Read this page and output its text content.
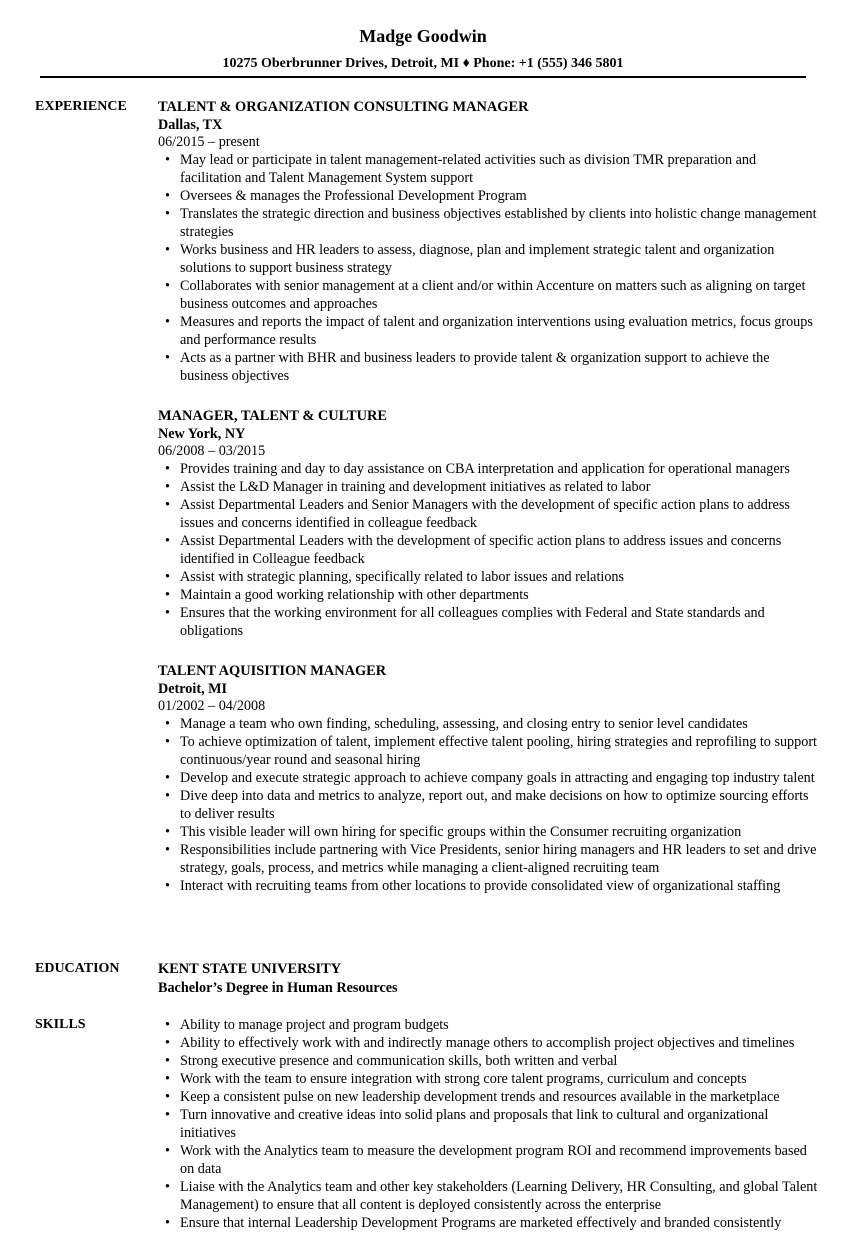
Madge Goodwin
10275 Oberbrunner Drives, Detroit, MI ♦ Phone: +1 (555) 346 5801
EXPERIENCE TALENT & ORGANIZATION CONSULTING MANAGER
Dallas, TX
06/2015 – present
• May lead or participate in talent management-related activities such as division TMR preparation and facilitation and Talent Management System support
• Oversees & manages the Professional Development Program
• Translates the strategic direction and business objectives established by clients into holistic change management strategies
• Works business and HR leaders to assess, diagnose, plan and implement strategic talent and organization solutions to support business strategy
• Collaborates with senior management at a client and/or within Accenture on matters such as aligning on target business outcomes and approaches
• Measures and reports the impact of talent and organization interventions using evaluation metrics, focus groups and performance results
• Acts as a partner with BHR and business leaders to provide talent & organization support to achieve the business objectives
MANAGER, TALENT & CULTURE
New York, NY
06/2008 – 03/2015
• Provides training and day to day assistance on CBA interpretation and application for operational managers
• Assist the L&D Manager in training and development initiatives as related to labor
• Assist Departmental Leaders and Senior Managers with the development of specific action plans to address issues and concerns identified in colleague feedback
• Assist Departmental Leaders with the development of specific action plans to address issues and concerns identified in Colleague feedback
• Assist with strategic planning, specifically related to labor issues and relations
• Maintain a good working relationship with other departments
• Ensures that the working environment for all colleagues complies with Federal and State standards and obligations
TALENT AQUISITION MANAGER
Detroit, MI
01/2002 – 04/2008
• Manage a team who own finding, scheduling, assessing, and closing entry to senior level candidates
• To achieve optimization of talent, implement effective talent pooling, hiring strategies and reprofiling to support continuous/year round and seasonal hiring
• Develop and execute strategic approach to achieve company goals in attracting and engaging top industry talent
• Dive deep into data and metrics to analyze, report out, and make decisions on how to optimize sourcing efforts to deliver results
• This visible leader will own hiring for specific groups within the Consumer recruiting organization
• Responsibilities include partnering with Vice Presidents, senior hiring managers and HR leaders to set and drive strategy, goals, process, and metrics while managing a client-aligned recruiting team
• Interact with recruiting teams from other locations to provide consolidated view of organizational staffing
EDUCATION	KENT STATE UNIVERSITY
Bachelor’s Degree in Human Resources
SKILLS
•	Ability to manage project and program budgets
• Ability to effectively work with and indirectly manage others to accomplish project objectives and timelines
• Strong executive presence and communication skills, both written and verbal
• Work with the team to ensure integration with strong core talent programs, curriculum and concepts
• Keep a consistent pulse on new leadership development trends and resources available in the marketplace
• Turn innovative and creative ideas into solid plans and proposals that link to cultural and organizational initiatives
• Work with the Analytics team to measure the development program ROI and recommend improvements based on data
• Liaise with the Analytics team and other key stakeholders (Learning Delivery, HR Consulting, and global Talent Management) to ensure that all content is deployed consistently across the enterprise
• Ensure that internal Leadership Development Programs are marketed effectively and branded consistently
